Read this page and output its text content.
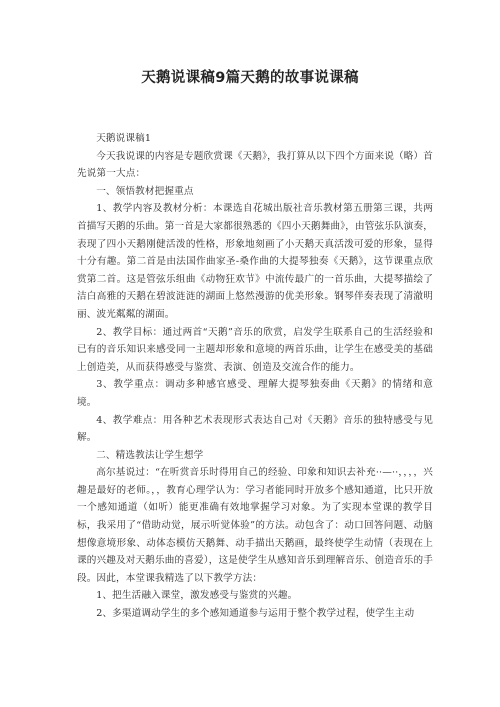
天鹅说课稿9篇天鹅的故事说课稿

天鹅说课稿1

今天我说课的内容是专题欣赏课《天鹅》，我打算从以下四个方面来说（略）首先说第一大点：

一、领悟教材把握重点

1、教学内容及教材分析：本课选自花城出版社音乐教材第五册第三课，共两首描写天鹅的乐曲。第一首是大家都很熟悉的《四小天鹅舞曲》，由管弦乐队演奏，表现了四小天鹅刚健活泼的性格，形象地刻画了小天鹅天真活泼可爱的形象，显得十分有趣。第二首是由法国作曲家圣-桑作曲的大提琴独奏《天鹅》，这节课重点欣赏第二首。这是管弦乐组曲《动物狂欢节》中流传最广的一首乐曲，大提琴描绘了洁白高雅的天鹅在碧波涟涟的湖面上悠然漫游的优美形象。钢琴伴奏表现了清澈明丽、波光粼粼的湖面。

2、教学目标：通过两首“天鹅”音乐的欣赏，启发学生联系自己的生活经验和已有的音乐知识来感受同一主题却形象和意境的两首乐曲，让学生在感受美的基础上创造美，从而获得感受与鉴赏、表演、创造及交流合作的能力。

3、教学重点：调动多种感官感受、理解大提琴独奏曲《天鹅》的情绪和意境。

4、教学难点：用各种艺术表现形式表达自己对《天鹅》音乐的独特感受与见解。

二、精选教法让学生想学

高尔基说过：“在听赏音乐时得用自己的经验、印象和知识去补充··—··，，，，兴趣是最好的老师。，，教育心理学认为：学习者能同时开放多个感知通道，比只开放一个感知通道（如听）能更准确有效地掌握学习对象。为了实现本堂课的教学目标，我采用了“借助动觉，展示听觉体验”的方法。动包含了：动口回答问题、动脑想像意境形象、动体态模仿天鹅舞、动手描出天鹅画，最终使学生动情（表现在上课的兴趣及对天鹅乐曲的喜爱），这是使学生从感知音乐到理解音乐、创造音乐的手段。因此，本堂课我精选了以下教学方法：

1、把生活融入课堂，激发感受与鉴赏的兴趣。

2、多渠道调动学生的多个感知通道参与运用于整个教学过程，使学生主动
